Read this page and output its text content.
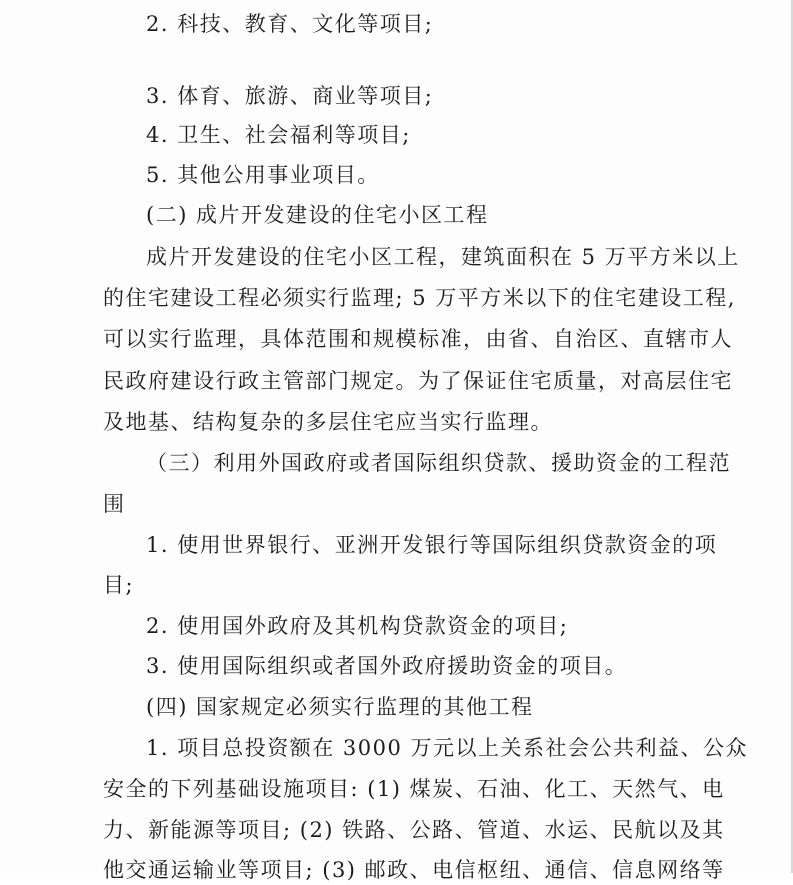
2. 科技、教育、文化等项目;
3. 体育、旅游、商业等项目;
4. 卫生、社会福利等项目;
5. 其他公用事业项目。
(二) 成片开发建设的住宅小区工程
成片开发建设的住宅小区工程，建筑面积在 5 万平方米以上
的住宅建设工程必须实行监理; 5 万平方米以下的住宅建设工程,
可以实行监理，具体范围和规模标准，由省、自治区、直辖市人
民政府建设行政主管部门规定。为了保证住宅质量，对高层住宅
及地基、结构复杂的多层住宅应当实行监理。
（三）利用外国政府或者国际组织贷款、援助资金的工程范
围
1. 使用世界银行、亚洲开发银行等国际组织贷款资金的项
目;
2. 使用国外政府及其机构贷款资金的项目;
3. 使用国际组织或者国外政府援助资金的项目。
(四) 国家规定必须实行监理的其他工程
1. 项目总投资额在 3000 万元以上关系社会公共利益、公众
安全的下列基础设施项目: (1) 煤炭、石油、化工、天然气、电
力、新能源等项目; (2) 铁路、公路、管道、水运、民航以及其
他交通运输业等项目; (3) 邮政、电信枢纽、通信、信息网络等
